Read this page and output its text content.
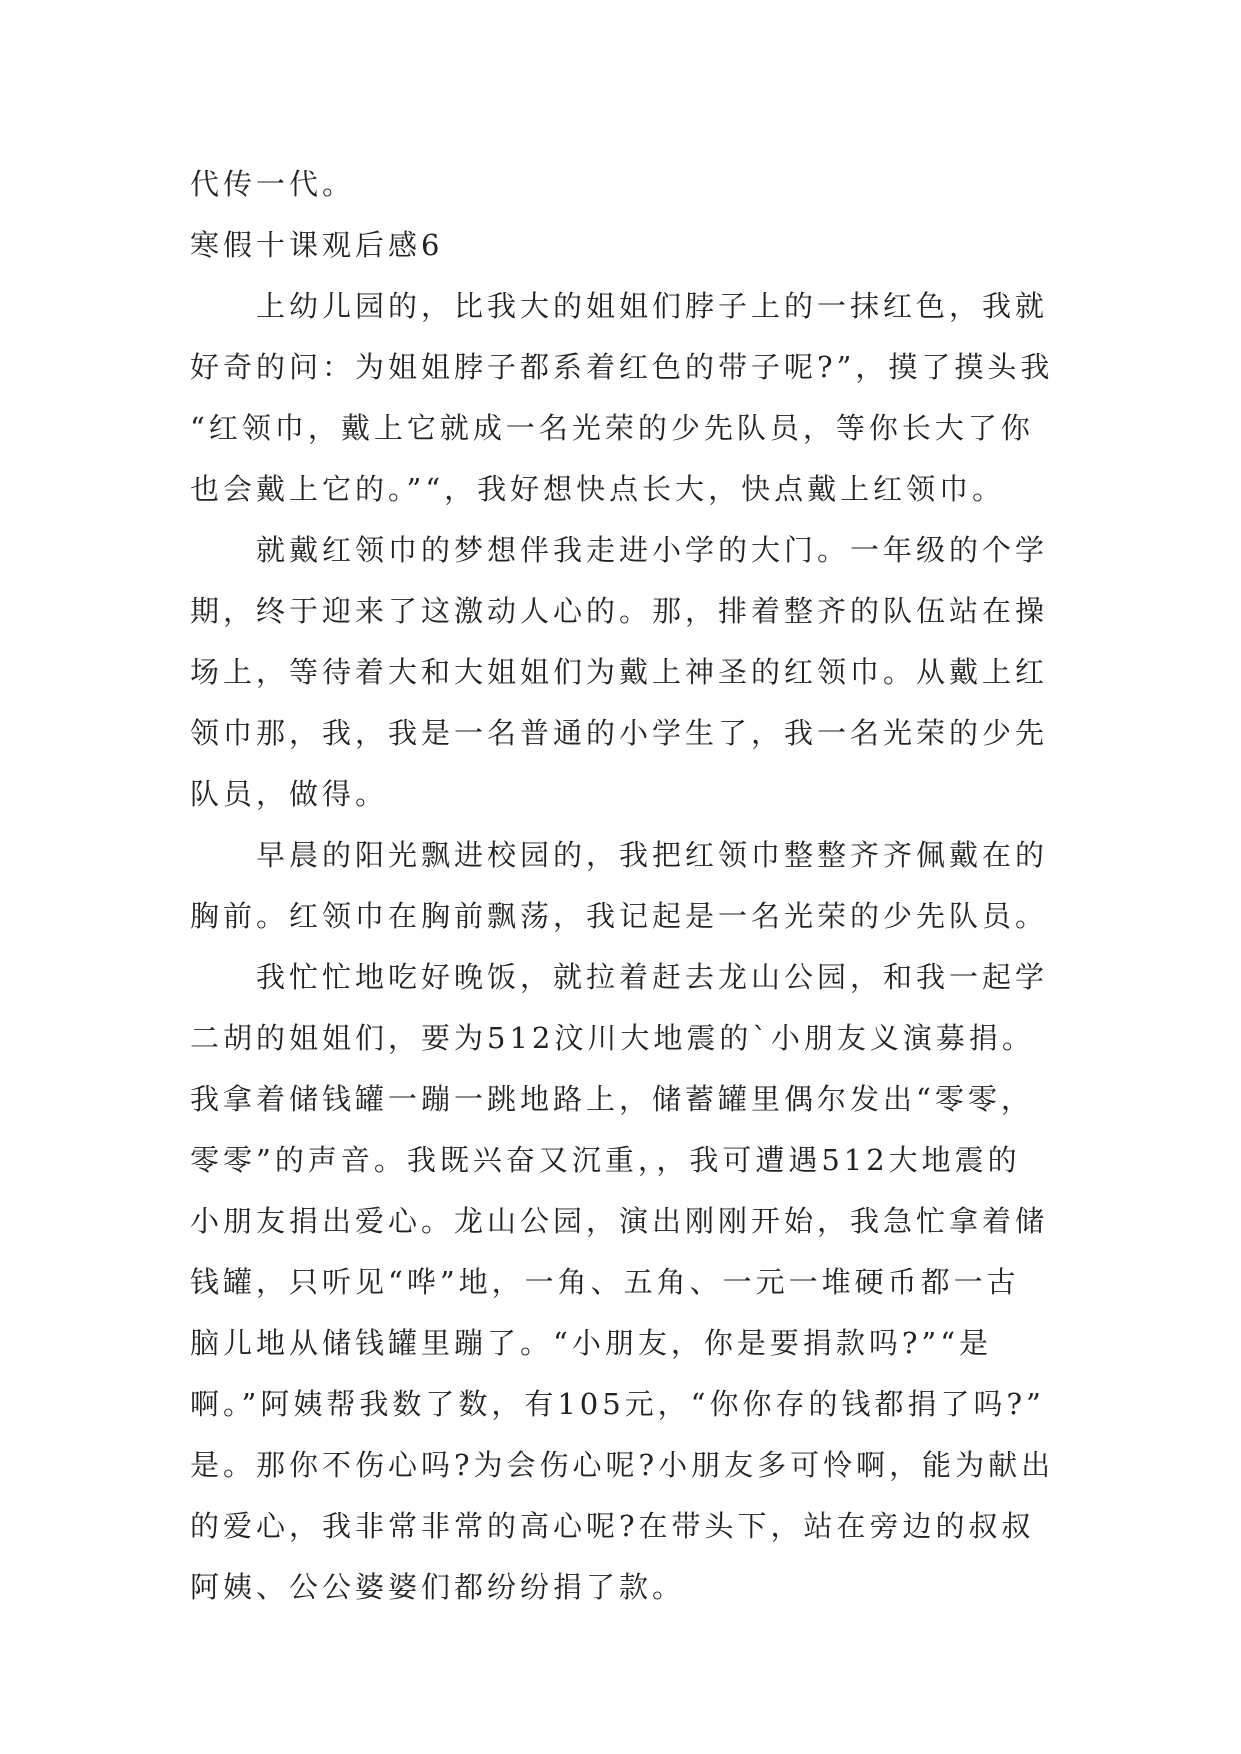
代传一代。
寒假十课观后感6
上幼儿园的，比我大的姐姐们脖子上的一抹红色，我就
好奇的问：为姐姐脖子都系着红色的带子呢?”，摸了摸头我
“红领巾，戴上它就成一名光荣的少先队员，等你长大了你
也会戴上它的。”“，我好想快点长大，快点戴上红领巾。
就戴红领巾的梦想伴我走进小学的大门。一年级的个学
期，终于迎来了这激动人心的。那，排着整齐的队伍站在操
场上，等待着大和大姐姐们为戴上神圣的红领巾。从戴上红
领巾那，我，我是一名普通的小学生了，我一名光荣的少先
队员，做得。
早晨的阳光飘进校园的，我把红领巾整整齐齐佩戴在的
胸前。红领巾在胸前飘荡，我记起是一名光荣的少先队员。
我忙忙地吃好晚饭，就拉着赶去龙山公园，和我一起学
二胡的姐姐们，要为512汶川大地震的`小朋友义演募捐。
我拿着储钱罐一蹦一跳地路上，储蓄罐里偶尔发出“零零，
零零”的声音。我既兴奋又沉重，，我可遭遇512大地震的
小朋友捐出爱心。龙山公园，演出刚刚开始，我急忙拿着储
钱罐，只听见“哗”地，一角、五角、一元一堆硬币都一古
脑儿地从储钱罐里蹦了。“小朋友，你是要捐款吗?”“是
啊。”阿姨帮我数了数，有105元，“你你存的钱都捐了吗?”
是。那你不伤心吗?为会伤心呢?小朋友多可怜啊，能为献出
的爱心，我非常非常的高心呢?在带头下，站在旁边的叔叔
阿姨、公公婆婆们都纷纷捐了款。
